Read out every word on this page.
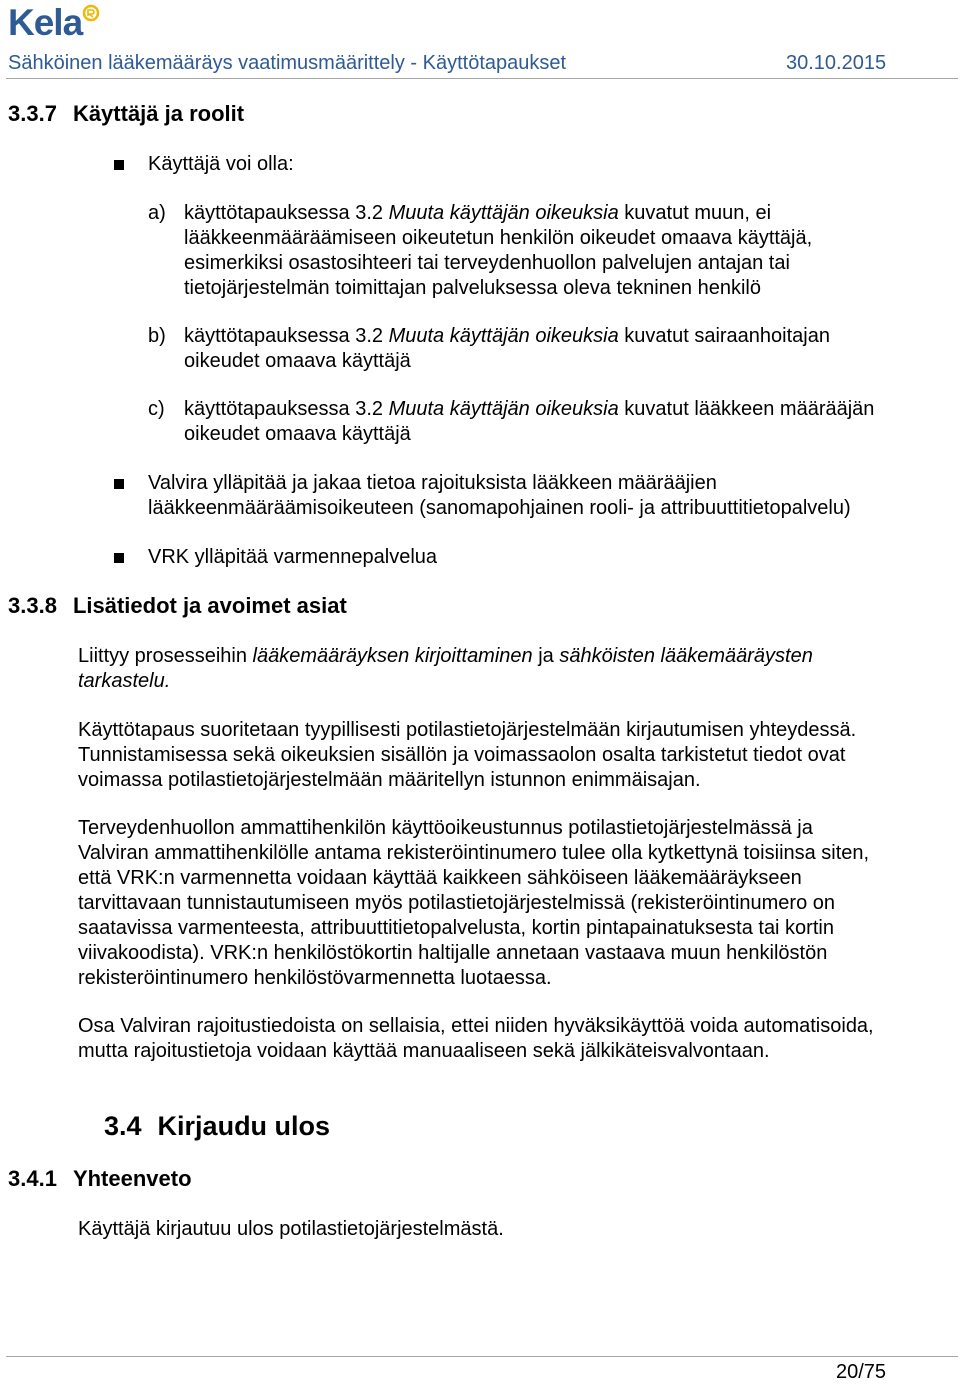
Kela
Sähköinen lääkemääräys vaatimusmäärittely - Käyttötapaukset	30.10.2015
3.3.7 Käyttäjä ja roolit
Käyttäjä voi olla:
a) käyttötapauksessa 3.2 Muuta käyttäjän oikeuksia kuvatut muun, ei
lääkkeenmääräämiseen oikeutetun henkilön oikeudet omaava käyttäjä,
esimerkiksi osastosihteeri tai terveydenhuollon palvelujen antajan tai
tietojärjestelmän toimittajan palveluksessa oleva tekninen henkilö
b) käyttötapauksessa 3.2 Muuta käyttäjän oikeuksia kuvatut sairaanhoitajan
oikeudet omaava käyttäjä
c) käyttötapauksessa 3.2 Muuta käyttäjän oikeuksia kuvatut lääkkeen määrääjän
oikeudet omaava käyttäjä
Valvira ylläpitää ja jakaa tietoa rajoituksista lääkkeen määrääjien
lääkkeenmääräämisoikeuteen (sanomapohjainen rooli- ja attribuuttitietopalvelu)
VRK ylläpitää varmennepalvelua
3.3.8 Lisätiedot ja avoimet asiat
Liittyy prosesseihin lääkemääräyksen kirjoittaminen ja sähköisten lääkemääräysten
tarkastelu.
Käyttötapaus suoritetaan tyypillisesti potilastietojärjestelmään kirjautumisen yhteydessä.
Tunnistamisessa sekä oikeuksien sisällön ja voimassaolon osalta tarkistetut tiedot ovat
voimassa potilastietojärjestelmään määritellyn istunnon enimmäisajan.
Terveydenhuollon ammattihenkilön käyttöoikeustunnus potilastietojärjestelmässä ja
Valviran ammattihenkilölle antama rekisteröintinumero tulee olla kytkettynä toisiinsa siten,
että VRK:n varmennetta voidaan käyttää kaikkeen sähköiseen lääkemääräykseen
tarvittavaan tunnistautumiseen myös potilastietojärjestelmissä (rekisteröintinumero on
saatavissa varmenteesta, attribuuttitietopalvelusta, kortin pintapainatuksesta tai kortin
viivakoodista). VRK:n henkilöstökortin haltijalle annetaan vastaava muun henkilöstön
rekisteröintinumero henkilöstövarmennetta luotaessa.
Osa Valviran rajoitustiedoista on sellaisia, ettei niiden hyväksikäyttöä voida automatisoida,
mutta rajoitustietoja voidaan käyttää manuaaliseen sekä jälkikäteisvalvontaan.
3.4 Kirjaudu ulos
3.4.1 Yhteenveto
Käyttäjä kirjautuu ulos potilastietojärjestelmästä.
20/75
